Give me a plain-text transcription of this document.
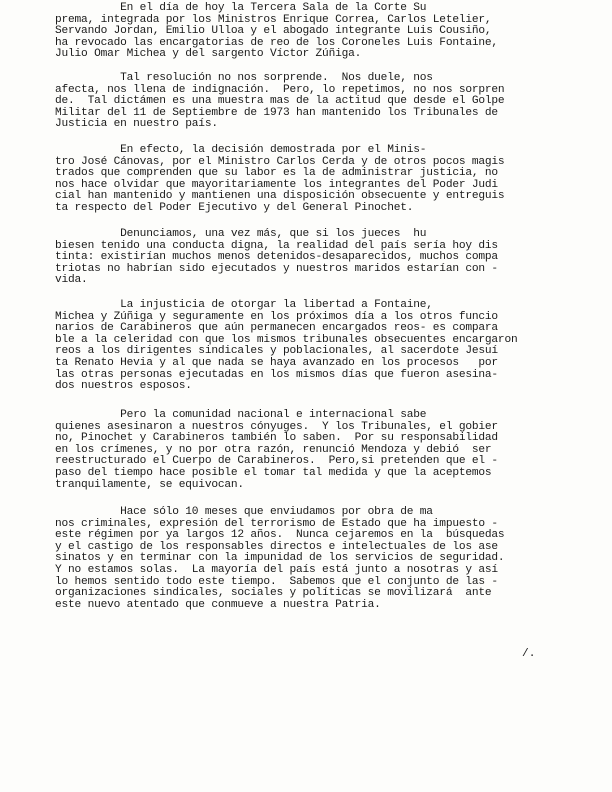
En el día de hoy la Tercera Sala de la Corte Su
prema, integrada por los Ministros Enrique Correa, Carlos Letelier,
Servando Jordan, Emilio Ulloa y el abogado integrante Luis Cousiño,
ha revocado las encargatorias de reo de los Coroneles Luis Fontaine,
Julio Omar Michea y del sargento Víctor Zúñiga.
Tal resolución no nos sorprende.  Nos duele, nos
afecta, nos llena de indignación.  Pero, lo repetimos, no nos sorpren
de.  Tal dictámen es una muestra mas de la actitud que desde el Golpe
Militar del 11 de Septiembre de 1973 han mantenido los Tribunales de
Justicia en nuestro país.
En efecto, la decisión demostrada por el Minis-
tro José Cánovas, por el Ministro Carlos Cerda y de otros pocos magis
trados que comprenden que su labor es la de administrar justicia, no
nos hace olvidar que mayoritariamente los integrantes del Poder Judi
cial han mantenido y mantienen una disposición obsecuente y entreguis
ta respecto del Poder Ejecutivo y del General Pinochet.
Denunciamos, una vez más, que si los jueces  hu
biesen tenido una conducta digna, la realidad del país sería hoy dis
tinta: existirían muchos menos detenidos-desaparecidos, muchos compa
triotas no habrían sido ejecutados y nuestros maridos estarían con -
vida.
La injusticia de otorgar la libertad a Fontaine,
Michea y Zúñiga y seguramente en los próximos día a los otros funcio
narios de Carabineros que aún permanecen encargados reos- es compara
ble a la celeridad con que los mismos tribunales obsecuentes encargaron
reos a los dirigentes sindicales y poblacionales, al sacerdote Jesuí
ta Renato Hevia y al que nada se haya avanzado en los procesos   por
las otras personas ejecutadas en los mismos días que fueron asesina-
dos nuestros esposos.
Pero la comunidad nacional e internacional sabe
quienes asesinaron a nuestros cónyuges.  Y los Tribunales, el gobier
no, Pinochet y Carabineros también lo saben.  Por su responsabilidad
en los crímenes, y no por otra razón, renunció Mendoza y debió  ser
reestructurado el Cuerpo de Carabineros.  Pero,si pretenden que el -
paso del tiempo hace posible el tomar tal medida y que la aceptemos
tranquilamente, se equivocan.
Hace sólo 10 meses que enviudamos por obra de ma
nos criminales, expresión del terrorismo de Estado que ha impuesto -
este régimen por ya largos 12 años.  Nunca cejaremos en la  búsquedas
y el castigo de los responsables directos e intelectuales de los ase
sinatos y en terminar con la impunidad de los servicios de seguridad.
Y no estamos solas.  La mayoría del país está junto a nosotras y así
lo hemos sentido todo este tiempo.  Sabemos que el conjunto de las -
organizaciones sindicales, sociales y políticas se movilizará  ante
este nuevo atentado que conmueve a nuestra Patria.
/.
